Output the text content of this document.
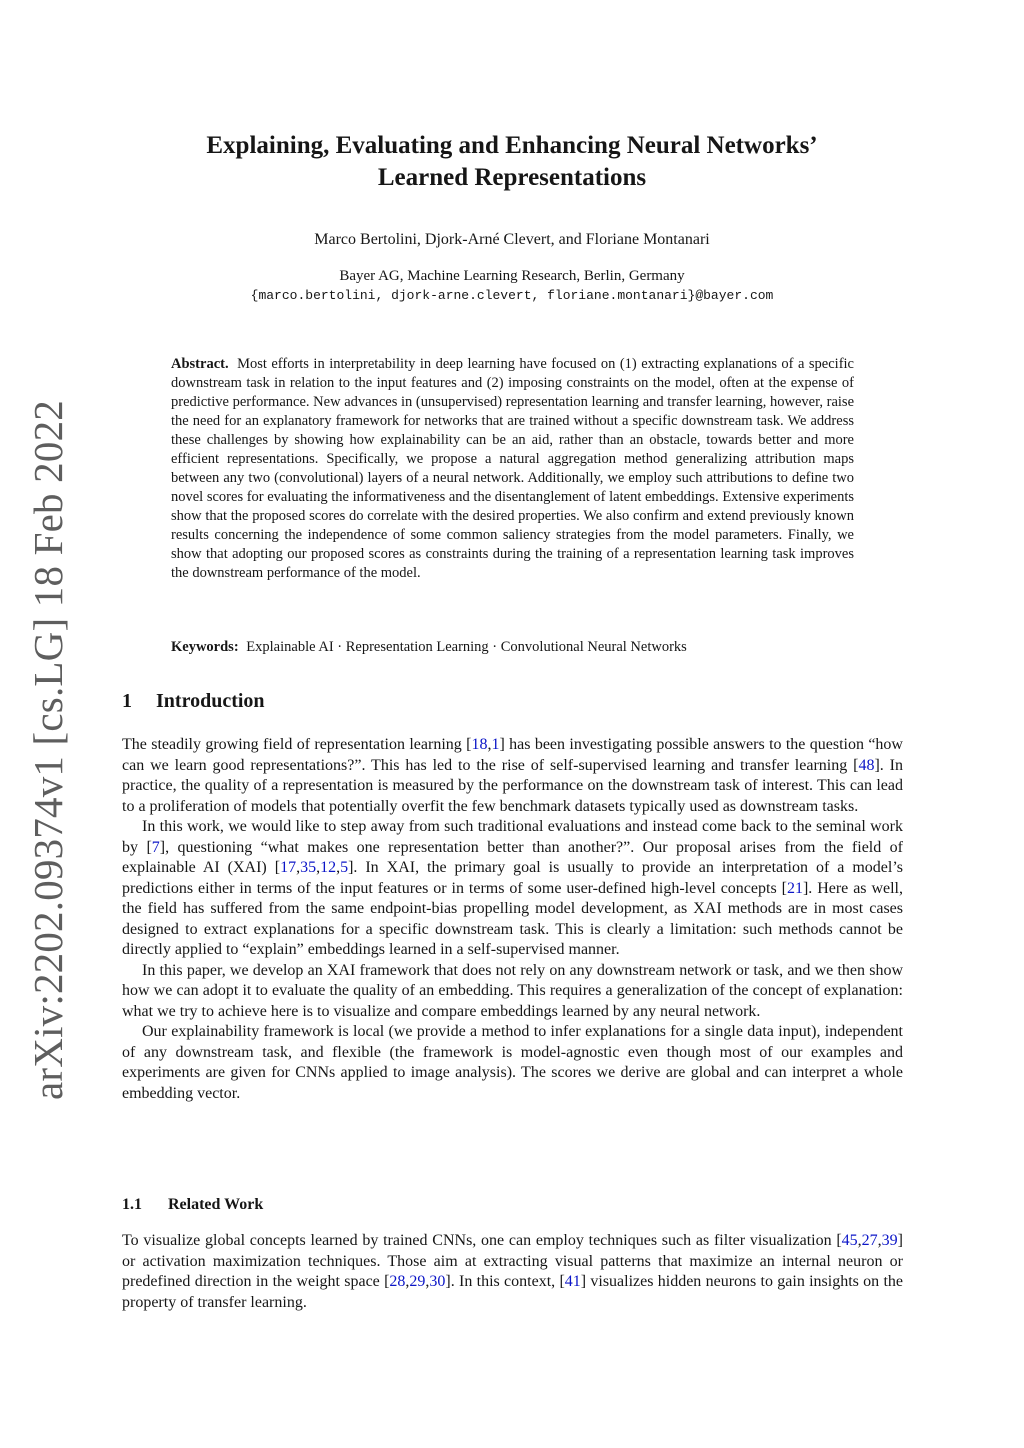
arXiv:2202.09374v1 [cs.LG] 18 Feb 2022
Explaining, Evaluating and Enhancing Neural Networks’
Learned Representations
Marco Bertolini, Djork-Arné Clevert, and Floriane Montanari
Bayer AG, Machine Learning Research, Berlin, Germany
{marco.bertolini, djork-arne.clevert, floriane.montanari}@bayer.com

Abstract. Most efforts in interpretability in deep learning have focused on (1) extracting explanations of a specific downstream task in relation to the input features and (2) imposing constraints on the model, often at the expense of predictive performance. New advances in (unsupervised) representation learning and transfer learning, however, raise the need for an explanatory framework for networks that are trained without a specific downstream task. We address these challenges by showing how explainability can be an aid, rather than an obstacle, towards better and more efficient representations. Specifically, we propose a natural aggregation method generalizing attribution maps between any two (convolutional) layers of a neural network. Additionally, we employ such attributions to define two novel scores for evaluating the informativeness and the disentanglement of latent embeddings. Extensive experiments show that the proposed scores do correlate with the desired properties. We also confirm and extend previously known results concerning the independence of some common saliency strategies from the model parameters. Finally, we show that adopting our proposed scores as constraints during the training of a representation learning task improves the downstream performance of the model.

Keywords: Explainable AI · Representation Learning · Convolutional Neural Networks

1 Introduction

The steadily growing field of representation learning [18,1] has been investigating possible answers to the question “how can we learn good representations?”. This has led to the rise of self-supervised learning and transfer learning [48]. In practice, the quality of a representation is measured by the performance on the downstream task of interest. This can lead to a proliferation of models that potentially overfit the few benchmark datasets typically used as downstream tasks.

In this work, we would like to step away from such traditional evaluations and instead come back to the seminal work by [7], questioning “what makes one representation better than another?”. Our proposal arises from the field of explainable AI (XAI) [17,35,12,5]. In XAI, the primary goal is usually to provide an interpretation of a model’s predictions either in terms of the input features or in terms of some user-defined high-level concepts [21]. Here as well, the field has suffered from the same endpoint-bias propelling model development, as XAI methods are in most cases designed to extract explanations for a specific downstream task. This is clearly a limitation: such methods cannot be directly applied to “explain” embeddings learned in a self-supervised manner.

In this paper, we develop an XAI framework that does not rely on any downstream network or task, and we then show how we can adopt it to evaluate the quality of an embedding. This requires a generalization of the concept of explanation: what we try to achieve here is to visualize and compare embeddings learned by any neural network.

Our explainability framework is local (we provide a method to infer explanations for a single data input), independent of any downstream task, and flexible (the framework is model-agnostic even though most of our examples and experiments are given for CNNs applied to image analysis). The scores we derive are global and can interpret a whole embedding vector.

1.1 Related Work

To visualize global concepts learned by trained CNNs, one can employ techniques such as filter visualization [45,27,39] or activation maximization techniques. Those aim at extracting visual patterns that maximize an internal neuron or predefined direction in the weight space [28,29,30]. In this context, [41] visualizes hidden neurons to gain insights on the property of transfer learning.
